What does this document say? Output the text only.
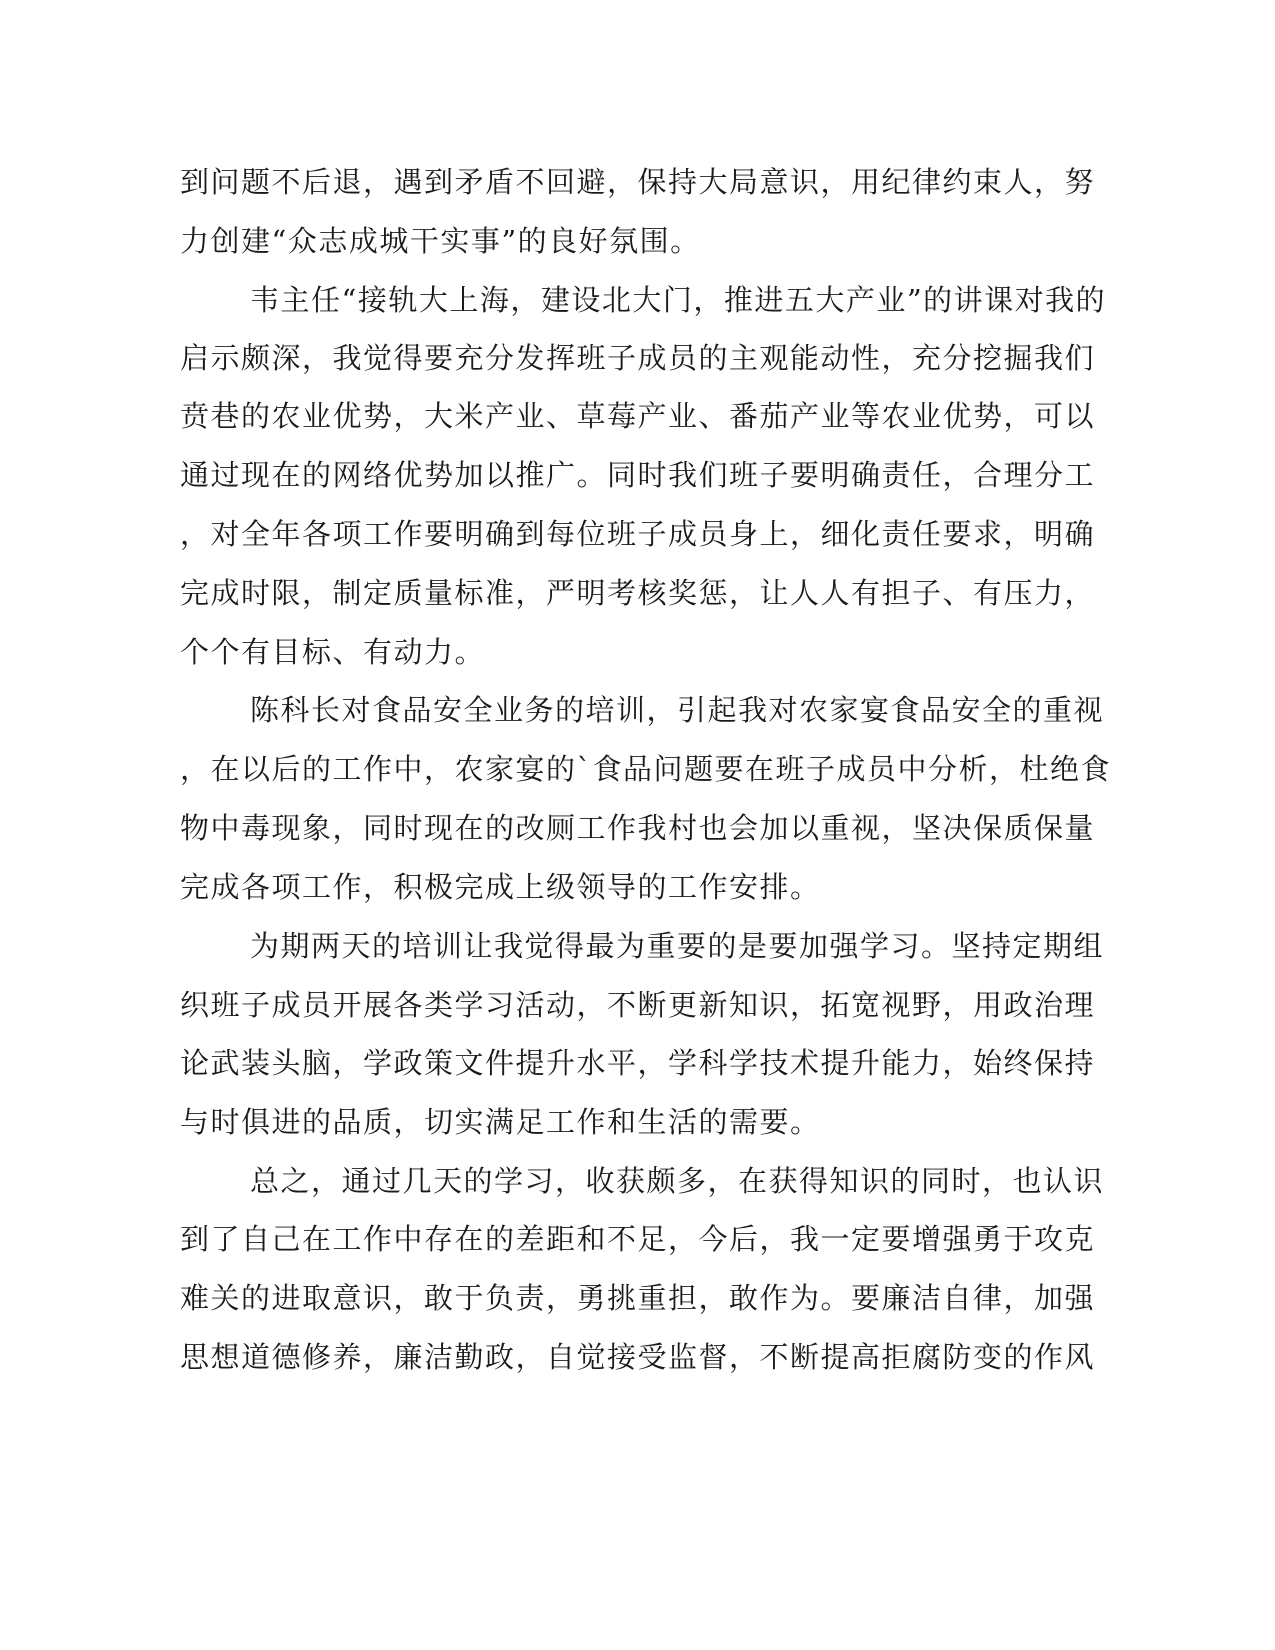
到问题不后退，遇到矛盾不回避，保持大局意识，用纪律约束人，努
力创建“众志成城干实事”的良好氛围。
韦主任“接轨大上海，建设北大门，推进五大产业”的讲课对我的
启示颇深，我觉得要充分发挥班子成员的主观能动性，充分挖掘我们
贲巷的农业优势，大米产业、草莓产业、番茄产业等农业优势，可以
通过现在的网络优势加以推广。同时我们班子要明确责任，合理分工
，对全年各项工作要明确到每位班子成员身上，细化责任要求，明确
完成时限，制定质量标准，严明考核奖惩，让人人有担子、有压力，
个个有目标、有动力。
陈科长对食品安全业务的培训，引起我对农家宴食品安全的重视
，在以后的工作中，农家宴的`食品问题要在班子成员中分析，杜绝食
物中毒现象，同时现在的改厕工作我村也会加以重视，坚决保质保量
完成各项工作，积极完成上级领导的工作安排。
为期两天的培训让我觉得最为重要的是要加强学习。坚持定期组
织班子成员开展各类学习活动，不断更新知识，拓宽视野，用政治理
论武装头脑，学政策文件提升水平，学科学技术提升能力，始终保持
与时俱进的品质，切实满足工作和生活的需要。
总之，通过几天的学习，收获颇多，在获得知识的同时，也认识
到了自己在工作中存在的差距和不足，今后，我一定要增强勇于攻克
难关的进取意识，敢于负责，勇挑重担，敢作为。要廉洁自律，加强
思想道德修养，廉洁勤政，自觉接受监督，不断提高拒腐防变的作风
